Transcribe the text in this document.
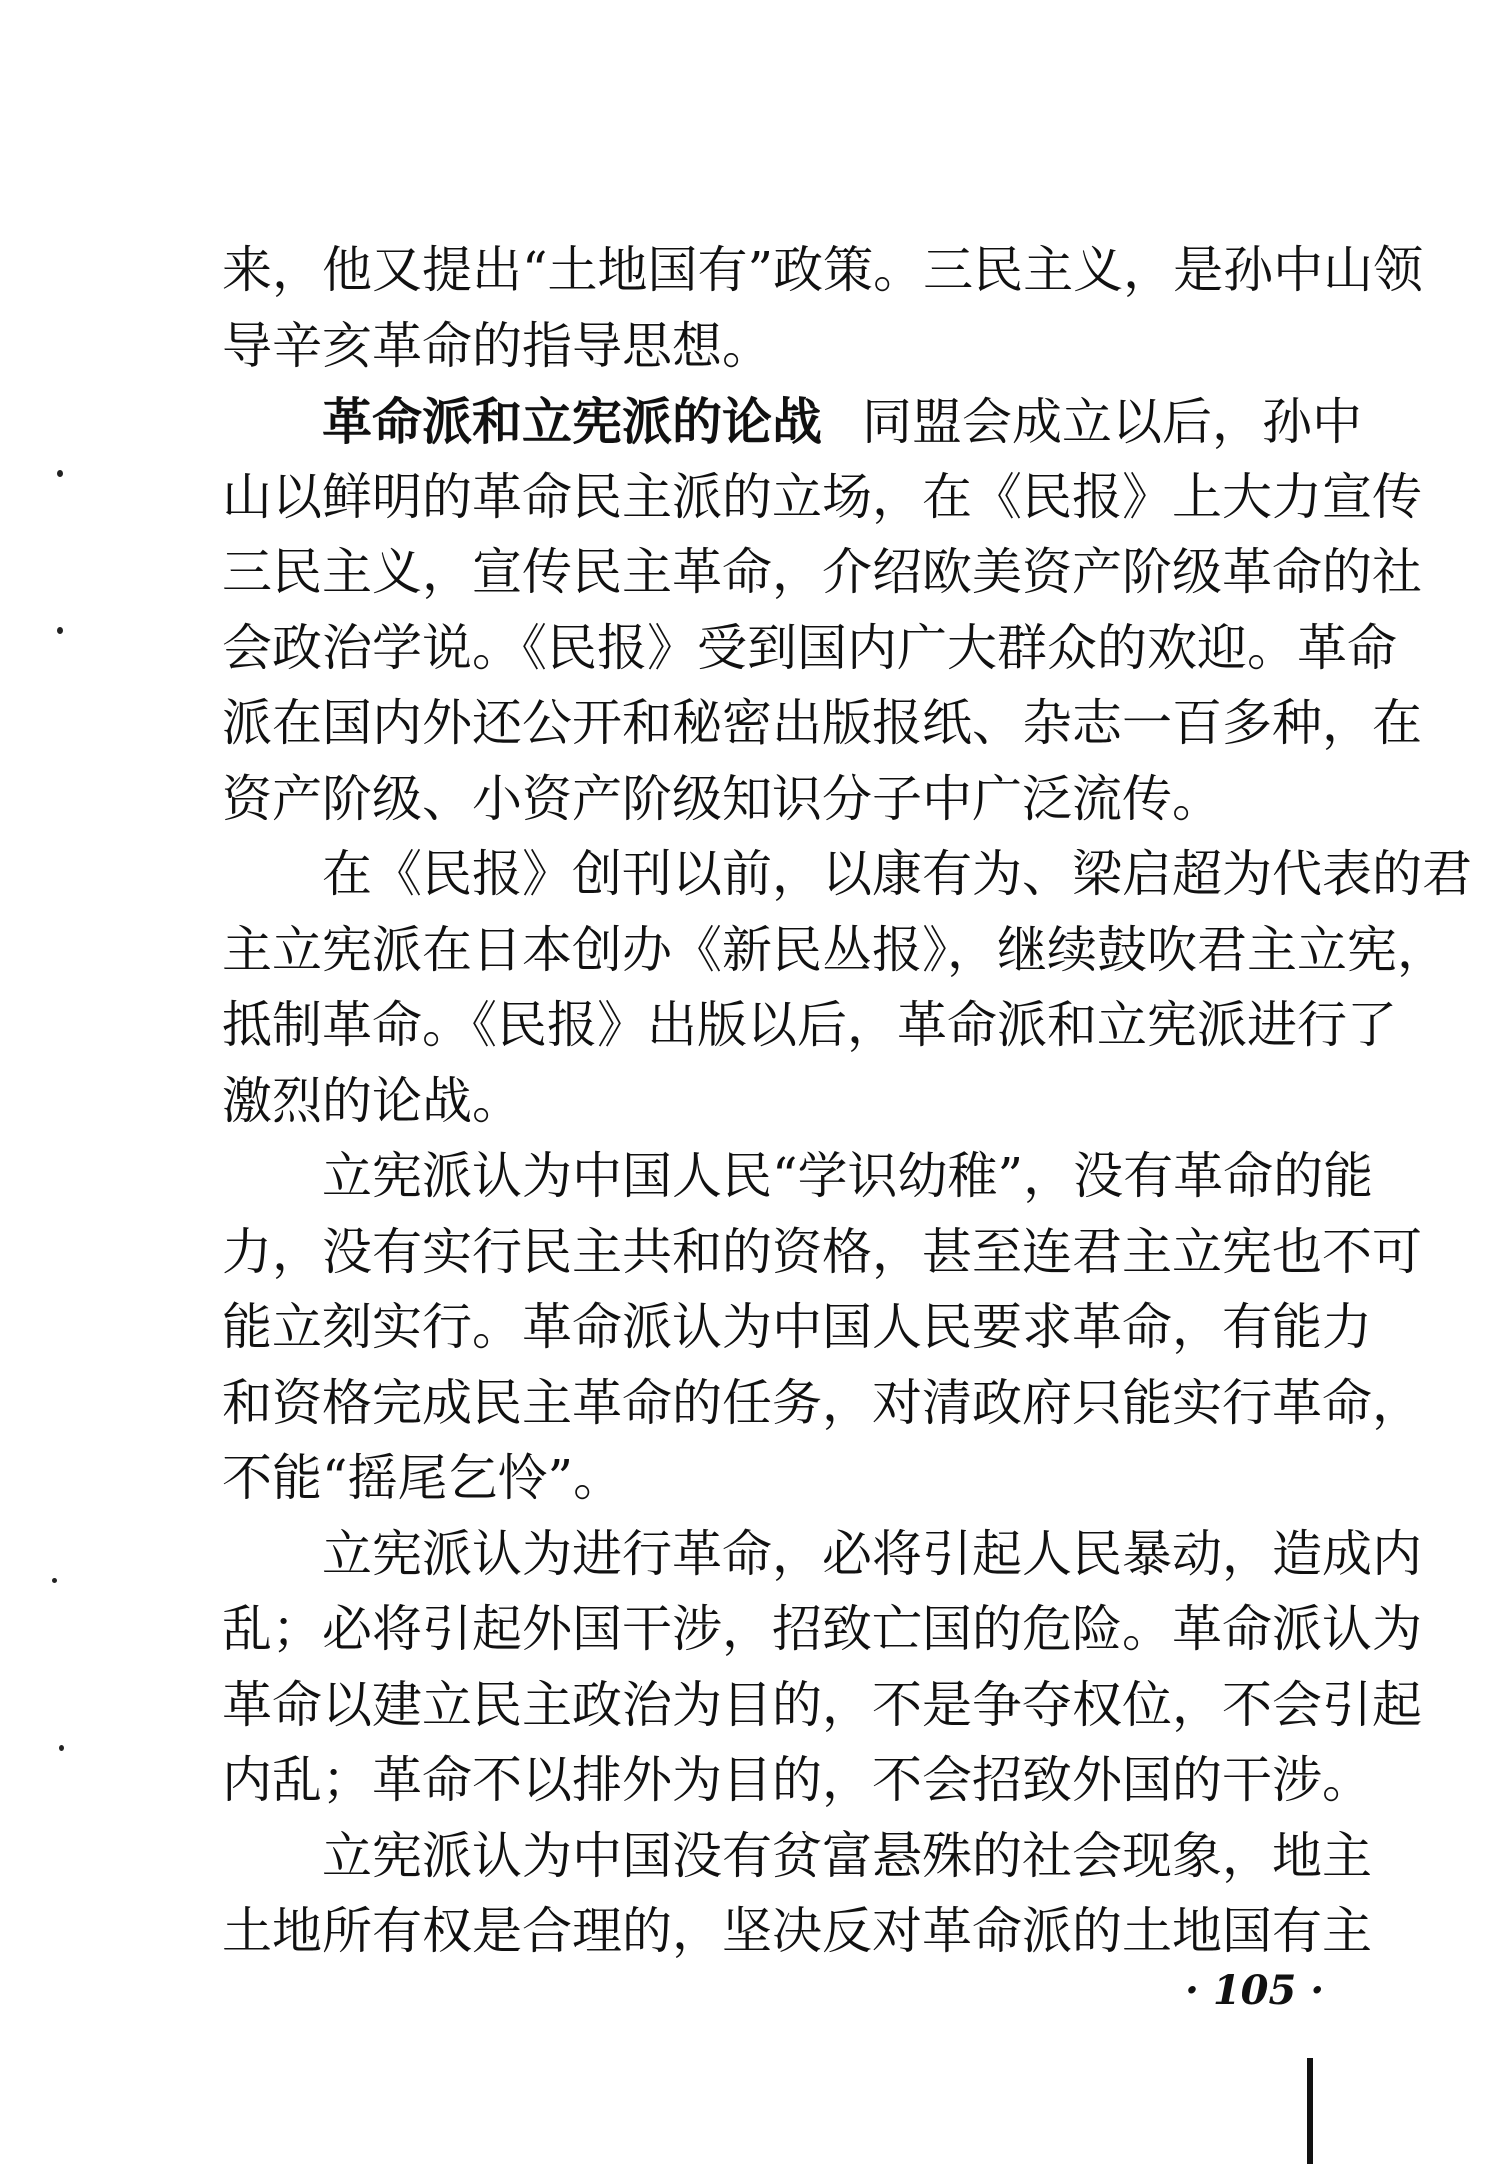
来，他又提出“土地国有”政策。三民主义，是孙中山领
导辛亥革命的指导思想。
革命派和立宪派的论战 同盟会成立以后，孙中
山以鲜明的革命民主派的立场，在《民报》上大力宣传
三民主义，宣传民主革命，介绍欧美资产阶级革命的社
会政治学说。《民报》受到国内广大群众的欢迎。革命
派在国内外还公开和秘密出版报纸、杂志一百多种，在
资产阶级、小资产阶级知识分子中广泛流传。
在《民报》创刊以前，以康有为、梁启超为代表的君
主立宪派在日本创办《新民丛报》，继续鼓吹君主立宪，
抵制革命。《民报》出版以后，革命派和立宪派进行了
激烈的论战。
立宪派认为中国人民“学识幼稚”，没有革命的能
力，没有实行民主共和的资格，甚至连君主立宪也不可
能立刻实行。革命派认为中国人民要求革命，有能力
和资格完成民主革命的任务，对清政府只能实行革命，
不能“摇尾乞怜”。
立宪派认为进行革命，必将引起人民暴动，造成内
乱；必将引起外国干涉，招致亡国的危险。革命派认为
革命以建立民主政治为目的，不是争夺权位，不会引起
内乱；革命不以排外为目的，不会招致外国的干涉。
立宪派认为中国没有贫富悬殊的社会现象，地主
土地所有权是合理的，坚决反对革命派的土地国有主
· 105 ·
